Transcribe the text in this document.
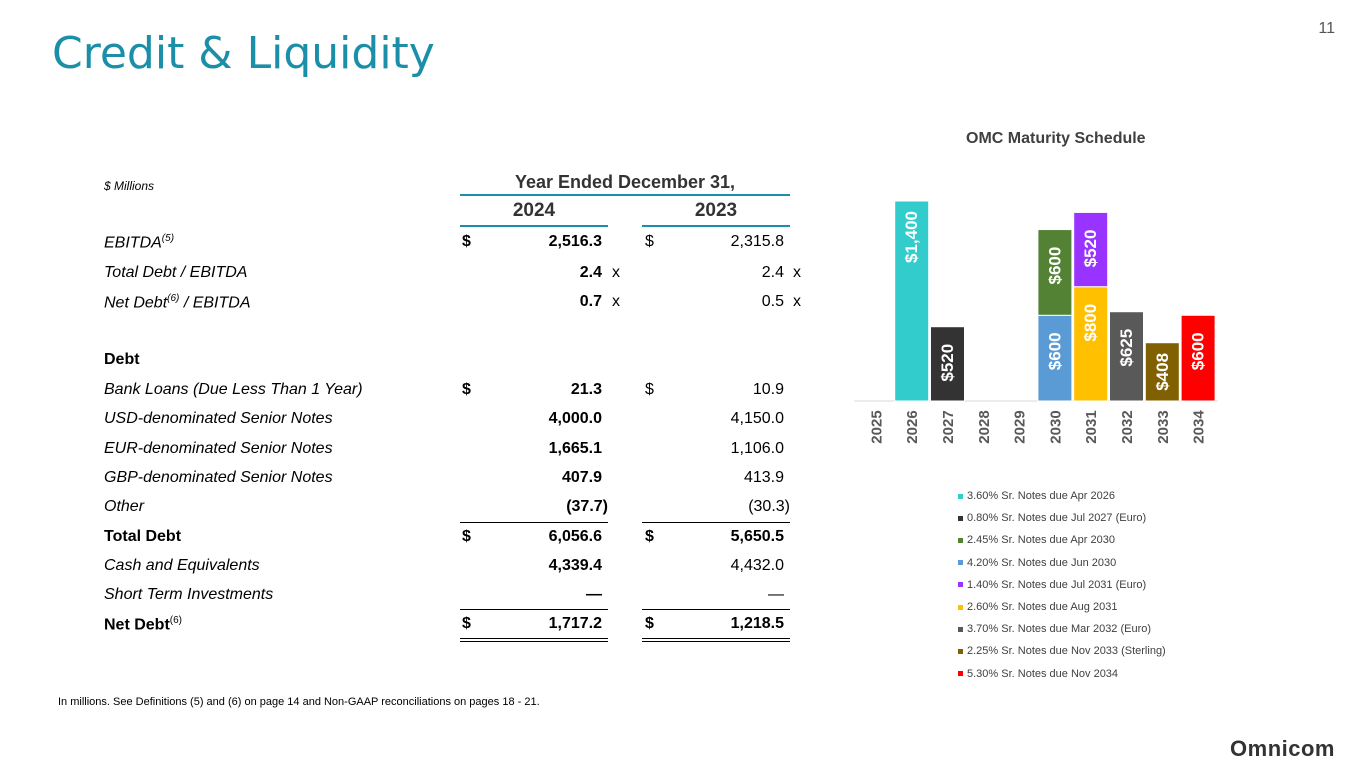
11
Credit & Liquidity
$ Millions	Year Ended December 31,
2024	2023
EBITDA$^{(5)}$	$	2,516.3	$	2,315.8
Total Debt / EBITDA	2.4 x	2.4 x
Net Debt$^{(6)}$ / EBITDA	0.7 x	0.5 x
Debt
Bank Loans (Due Less Than 1 Year)	$	21.3	$	10.9
USD-denominated Senior Notes	4,000.0	4,150.0
EUR-denominated Senior Notes	1,665.1	1,106.0
GBP-denominated Senior Notes	407.9	413.9
Other	(37.7)	(30.3)
Total Debt	$	6,056.6	$	5,650.5
Cash and Equivalents	4,339.4	4,432.0
Short Term Investments	—	—
Net Debt$^{(6)}$	$	1,717.2	$	1,218.5
OMC Maturity Schedule
$1,400
$520	$600
$600
$800
$520
$625
$408
$600
2025 2026 2027 2028 2029 2030 2031 2032 2033 2034
3.60% Sr. Notes due Apr 2026
0.80% Sr. Notes due Jul 2027 (Euro)
2.45% Sr. Notes due Apr 2030
4.20% Sr. Notes due Jun 2030
1.40% Sr. Notes due Jul 2031 (Euro)
2.60% Sr. Notes due Aug 2031
3.70% Sr. Notes due Mar 2032 (Euro)
2.25% Sr. Notes due Nov 2033 (Sterling)
5.30% Sr. Notes due Nov 2034
In millions. See Definitions (5) and (6) on page 14 and Non-GAAP reconciliations on pages 18 - 21.
Omnicom
